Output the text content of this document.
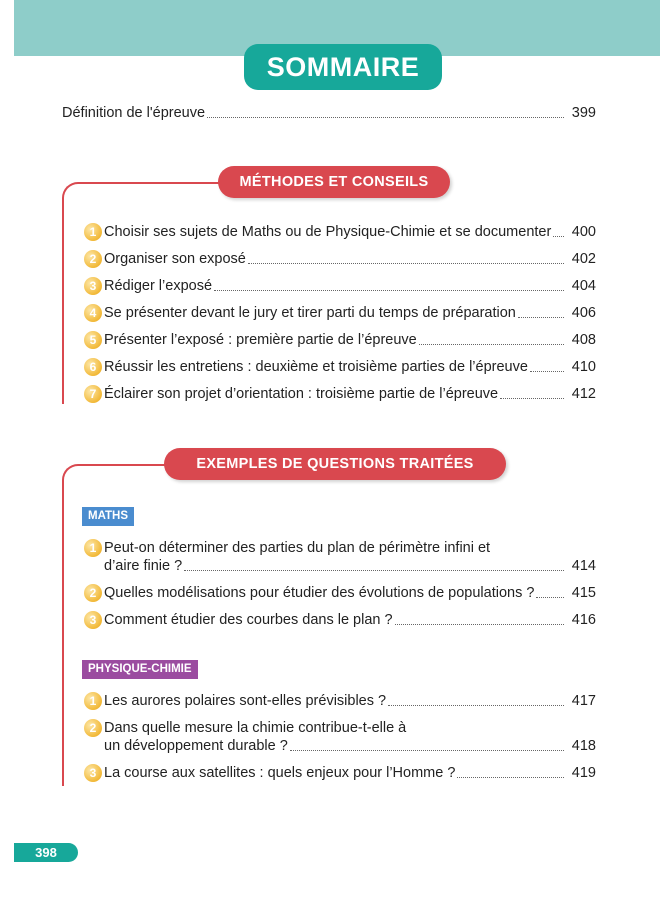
SOMMAIRE
Définition de l'épreuve	399
MÉTHODES ET CONSEILS
1 Choisir ses sujets de Maths ou de Physique-Chimie et se documenter 400
2 Organiser son exposé	402
3 Rédiger l’exposé	404
4 Se présenter devant le jury et tirer parti du temps de préparation	406
5 Présenter l’exposé : première partie de l’épreuve	408
6 Réussir les entretiens : deuxième et troisième parties de l’épreuve	410
7 Éclairer son projet d’orientation : troisième partie de l’épreuve	412
EXEMPLES DE QUESTIONS TRAITÉES
MATHS
1 Peut-on déterminer des parties du plan de périmètre infini et
d’aire finie ?	414
2 Quelles modélisations pour étudier des évolutions de populations ?	415
3 Comment étudier des courbes dans le plan ?	416
PHYSIQUE-CHIMIE
1 Les aurores polaires sont-elles prévisibles ?	417
2 Dans quelle mesure la chimie contribue-t-elle à
un développement durable ?	418
3 La course aux satellites : quels enjeux pour l’Homme ?	419
398
